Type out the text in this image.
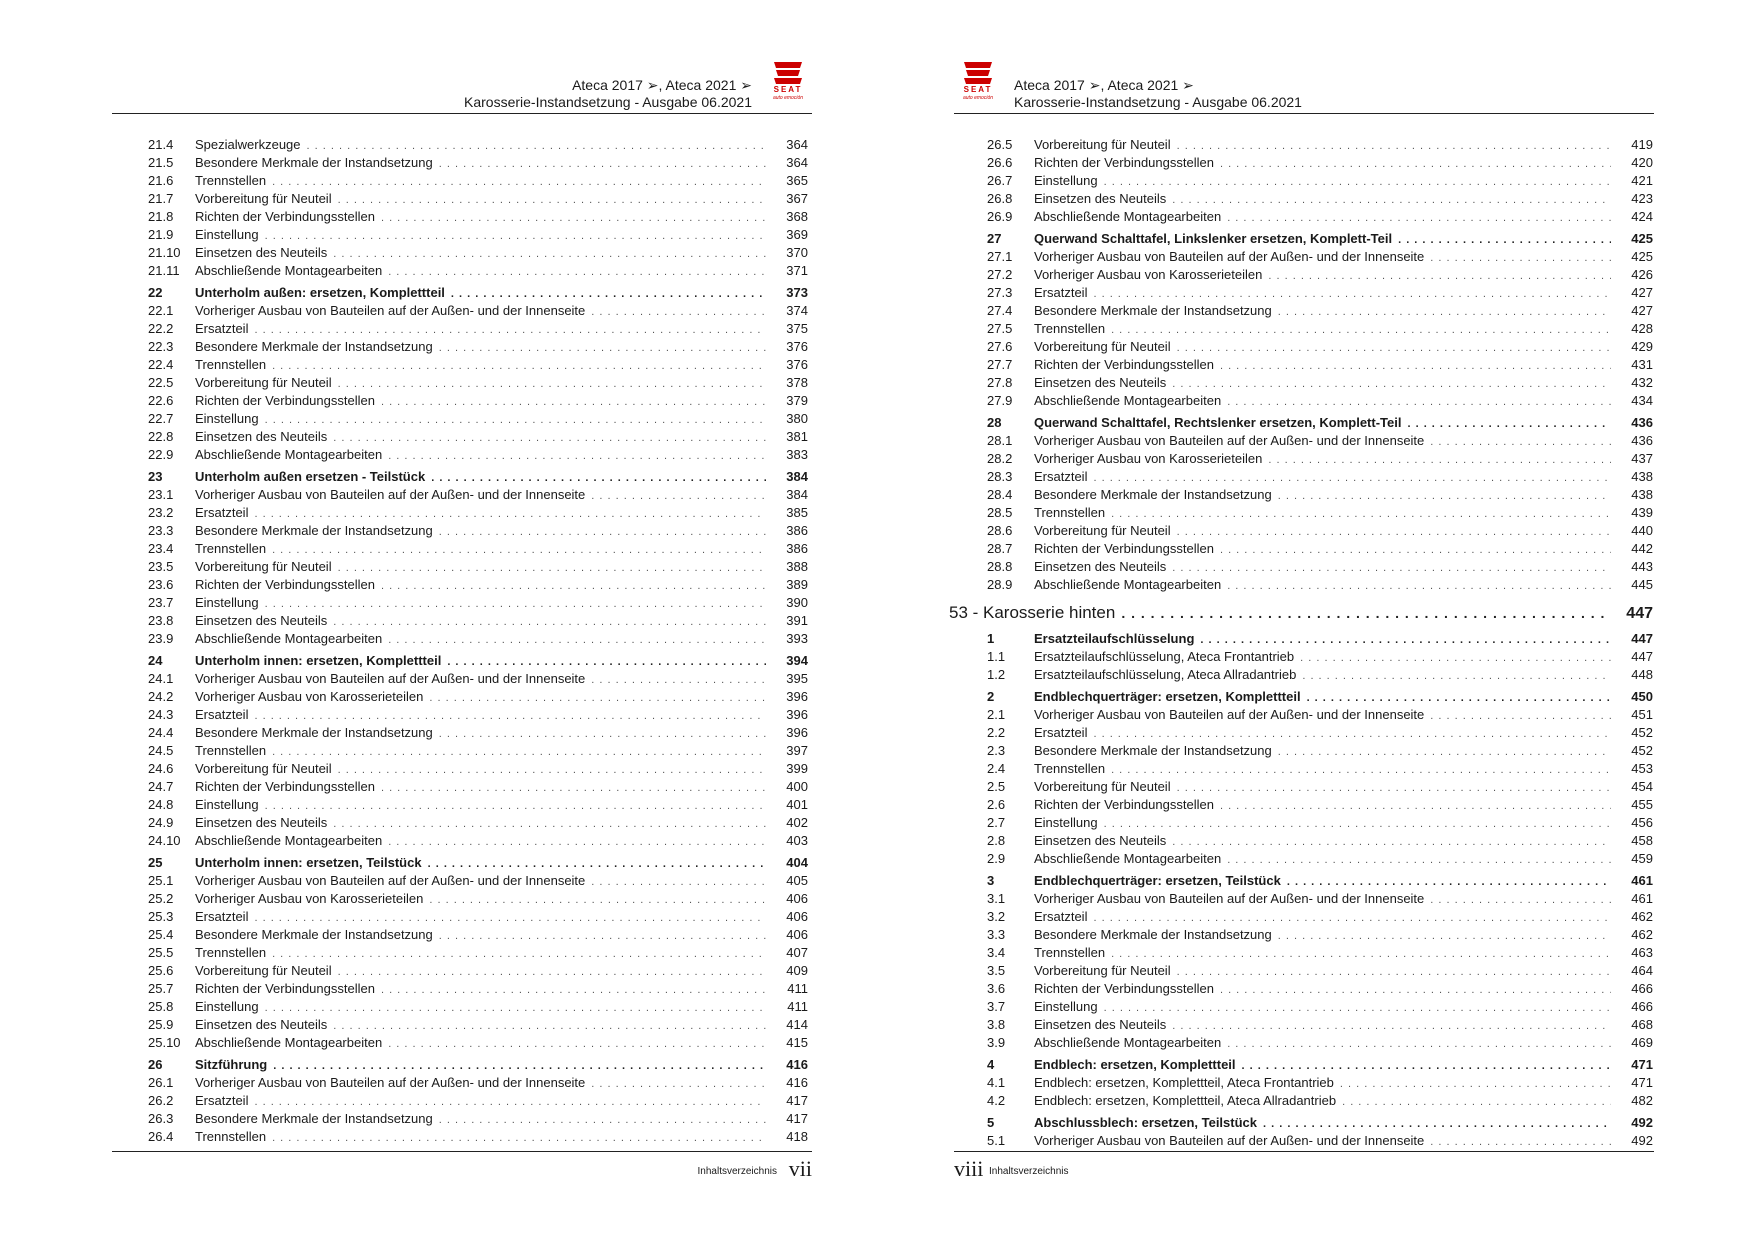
Ateca 2017 ➢, Ateca 2021 ➢
Karosserie-Instandsetzung - Ausgabe 06.2021
SEAT
auto emoción
21.4	Spezialwerkzeuge . . .	364
21.5	Besondere Merkmale der Instandsetzung . . .	364
21.6	Trennstellen . . .	365
21.7	Vorbereitung für Neuteil . . .	367
21.8	Richten der Verbindungsstellen . . .	368
21.9	Einstellung . . .	369
21.10	Einsetzen des Neuteils . . .	370
21.11	Abschließende Montagearbeiten . . .	371
22	Unterholm außen: ersetzen, Komplettteil . . .	373
22.1	Vorheriger Ausbau von Bauteilen auf der Außen- und der Innenseite . . .	374
22.2	Ersatzteil . . .	375
22.3	Besondere Merkmale der Instandsetzung . . .	376
22.4	Trennstellen . . .	376
22.5	Vorbereitung für Neuteil . . .	378
22.6	Richten der Verbindungsstellen . . .	379
22.7	Einstellung . . .	380
22.8	Einsetzen des Neuteils . . .	381
22.9	Abschließende Montagearbeiten . . .	383
23	Unterholm außen ersetzen - Teilstück . . .	384
23.1	Vorheriger Ausbau von Bauteilen auf der Außen- und der Innenseite . . .	384
23.2	Ersatzteil . . .	385
23.3	Besondere Merkmale der Instandsetzung . . .	386
23.4	Trennstellen . . .	386
23.5	Vorbereitung für Neuteil . . .	388
23.6	Richten der Verbindungsstellen . . .	389
23.7	Einstellung . . .	390
23.8	Einsetzen des Neuteils . . .	391
23.9	Abschließende Montagearbeiten . . .	393
24	Unterholm innen: ersetzen, Komplettteil . . .	394
24.1	Vorheriger Ausbau von Bauteilen auf der Außen- und der Innenseite . . .	395
24.2	Vorheriger Ausbau von Karosserieteilen . . .	396
24.3	Ersatzteil . . .	396
24.4	Besondere Merkmale der Instandsetzung . . .	396
24.5	Trennstellen . . .	397
24.6	Vorbereitung für Neuteil . . .	399
24.7	Richten der Verbindungsstellen . . .	400
24.8	Einstellung . . .	401
24.9	Einsetzen des Neuteils . . .	402
24.10	Abschließende Montagearbeiten . . .	403
25	Unterholm innen: ersetzen, Teilstück . . .	404
25.1	Vorheriger Ausbau von Bauteilen auf der Außen- und der Innenseite . . .	405
25.2	Vorheriger Ausbau von Karosserieteilen . . .	406
25.3	Ersatzteil . . .	406
25.4	Besondere Merkmale der Instandsetzung . . .	406
25.5	Trennstellen . . .	407
25.6	Vorbereitung für Neuteil . . .	409
25.7	Richten der Verbindungsstellen . . .	411
25.8	Einstellung . . .	411
25.9	Einsetzen des Neuteils . . .	414
25.10	Abschließende Montagearbeiten . . .	415
26	Sitzführung . . .	416
26.1	Vorheriger Ausbau von Bauteilen auf der Außen- und der Innenseite . . .	416
26.2	Ersatzteil . . .	417
26.3	Besondere Merkmale der Instandsetzung . . .	417
26.4	Trennstellen . . .	418
Inhaltsverzeichnis vii
SEAT
auto emoción
Ateca 2017 ➢, Ateca 2021 ➢
Karosserie-Instandsetzung - Ausgabe 06.2021
26.5	Vorbereitung für Neuteil . . .	419
26.6	Richten der Verbindungsstellen . . .	420
26.7	Einstellung . . .	421
26.8	Einsetzen des Neuteils . . .	423
26.9	Abschließende Montagearbeiten . . .	424
27	Querwand Schalttafel, Linkslenker ersetzen, Komplett-Teil . . .	425
27.1	Vorheriger Ausbau von Bauteilen auf der Außen- und der Innenseite . . .	425
27.2	Vorheriger Ausbau von Karosserieteilen . . .	426
27.3	Ersatzteil . . .	427
27.4	Besondere Merkmale der Instandsetzung . . .	427
27.5	Trennstellen . . .	428
27.6	Vorbereitung für Neuteil . . .	429
27.7	Richten der Verbindungsstellen . . .	431
27.8	Einsetzen des Neuteils . . .	432
27.9	Abschließende Montagearbeiten . . .	434
28	Querwand Schalttafel, Rechtslenker ersetzen, Komplett-Teil . . .	436
28.1	Vorheriger Ausbau von Bauteilen auf der Außen- und der Innenseite . . .	436
28.2	Vorheriger Ausbau von Karosserieteilen . . .	437
28.3	Ersatzteil . . .	438
28.4	Besondere Merkmale der Instandsetzung . . .	438
28.5	Trennstellen . . .	439
28.6	Vorbereitung für Neuteil . . .	440
28.7	Richten der Verbindungsstellen . . .	442
28.8	Einsetzen des Neuteils . . .	443
28.9	Abschließende Montagearbeiten . . .	445
53 - Karosserie hinten . . .	447
1	Ersatzteilaufschlüsselung . . .	447
1.1	Ersatzteilaufschlüsselung, Ateca Frontantrieb . . .	447
1.2	Ersatzteilaufschlüsselung, Ateca Allradantrieb . . .	448
2	Endblechquerträger: ersetzen, Komplettteil . . .	450
2.1	Vorheriger Ausbau von Bauteilen auf der Außen- und der Innenseite . . .	451
2.2	Ersatzteil . . .	452
2.3	Besondere Merkmale der Instandsetzung . . .	452
2.4	Trennstellen . . .	453
2.5	Vorbereitung für Neuteil . . .	454
2.6	Richten der Verbindungsstellen . . .	455
2.7	Einstellung . . .	456
2.8	Einsetzen des Neuteils . . .	458
2.9	Abschließende Montagearbeiten . . .	459
3	Endblechquerträger: ersetzen, Teilstück . . .	461
3.1	Vorheriger Ausbau von Bauteilen auf der Außen- und der Innenseite . . .	461
3.2	Ersatzteil . . .	462
3.3	Besondere Merkmale der Instandsetzung . . .	462
3.4	Trennstellen . . .	463
3.5	Vorbereitung für Neuteil . . .	464
3.6	Richten der Verbindungsstellen . . .	466
3.7	Einstellung . . .	466
3.8	Einsetzen des Neuteils . . .	468
3.9	Abschließende Montagearbeiten . . .	469
4	Endblech: ersetzen, Komplettteil . . .	471
4.1	Endblech: ersetzen, Komplettteil, Ateca Frontantrieb . . .	471
4.2	Endblech: ersetzen, Komplettteil, Ateca Allradantrieb . . .	482
5	Abschlussblech: ersetzen, Teilstück . . .	492
5.1	Vorheriger Ausbau von Bauteilen auf der Außen- und der Innenseite . . .	492
viii Inhaltsverzeichnis
